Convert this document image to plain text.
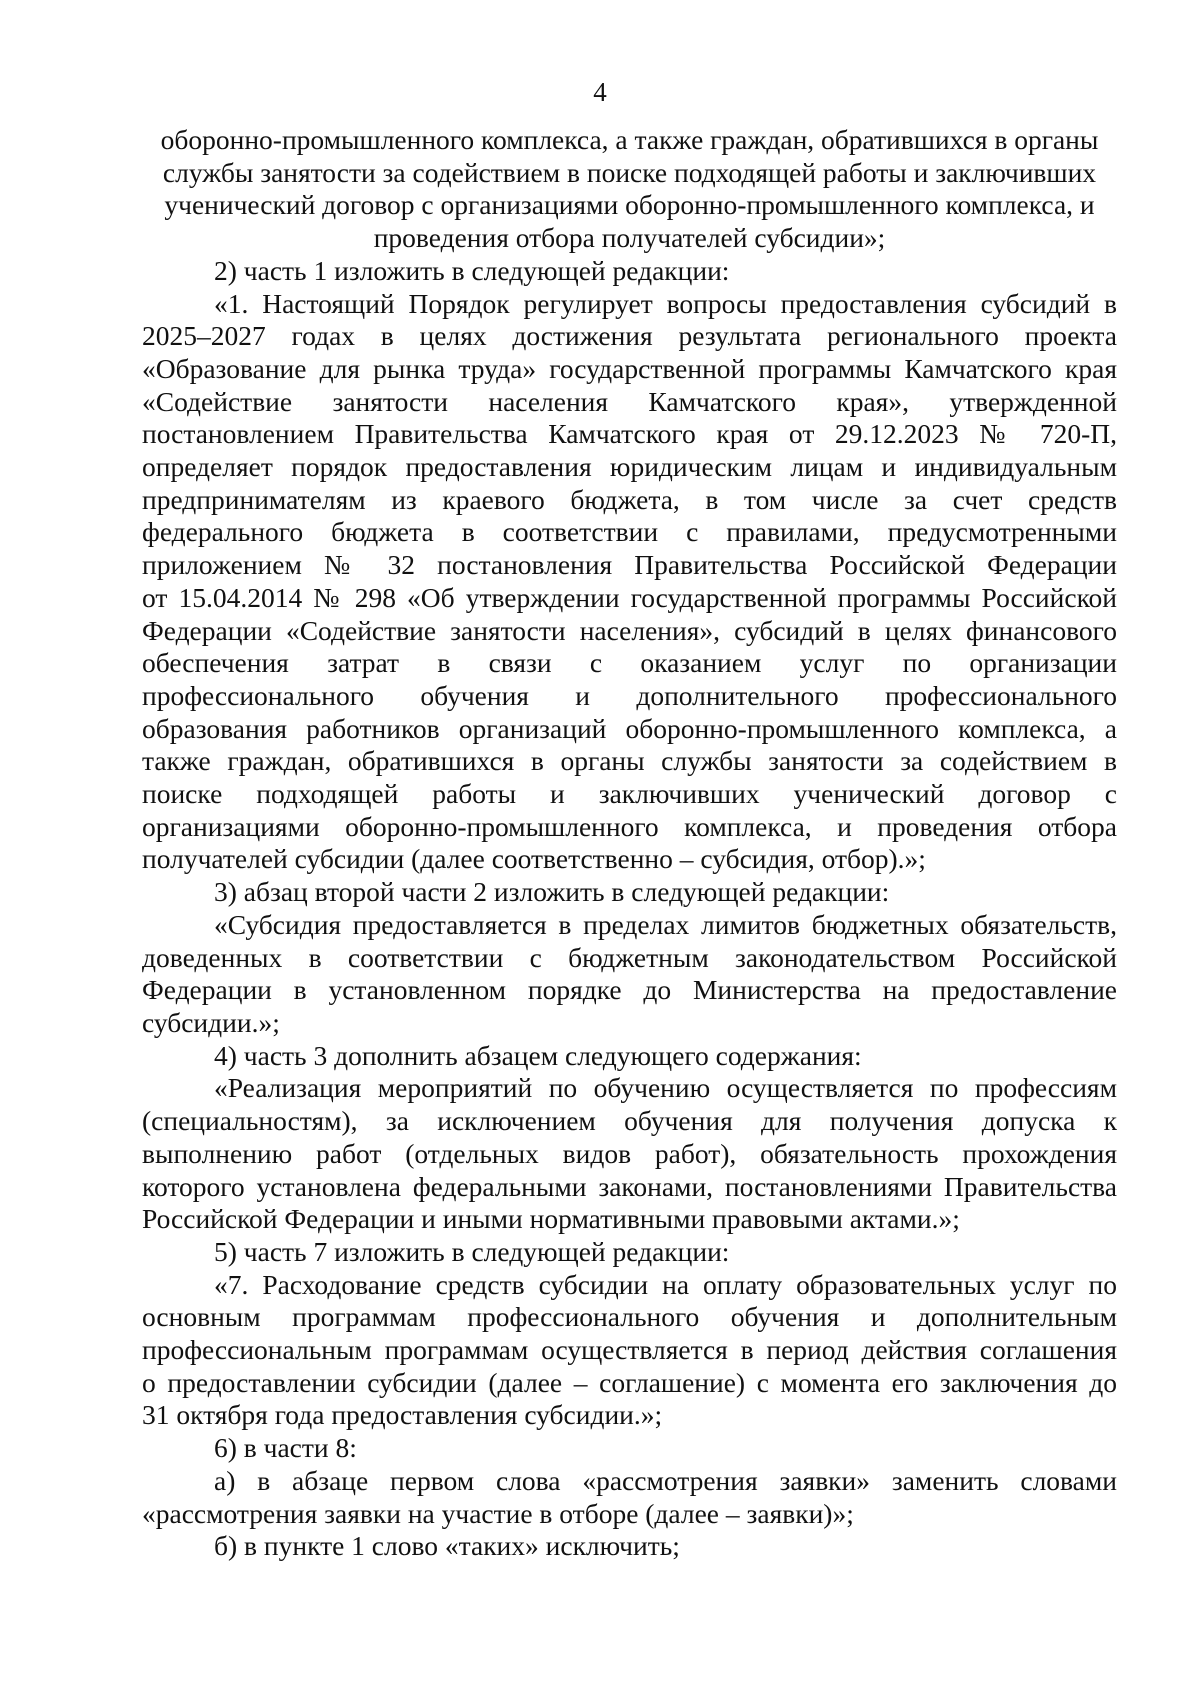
4
оборонно-промышленного комплекса, а также граждан, обратившихся в органы
службы занятости за содействием в поиске подходящей работы и заключивших
ученический договор с организациями оборонно-промышленного комплекса, и
проведения отбора получателей субсидии»;
2) часть 1 изложить в следующей редакции:
«1. Настоящий Порядок регулирует вопросы предоставления субсидий в
2025–2027 годах в целях достижения результата регионального проекта
«Образование для рынка труда» государственной программы Камчатского края
«Содействие занятости населения Камчатского края», утвержденной
постановлением Правительства Камчатского края от 29.12.2023 № 720-П,
определяет порядок предоставления юридическим лицам и индивидуальным
предпринимателям из краевого бюджета, в том числе за счет средств
федерального бюджета в соответствии с правилами, предусмотренными
приложением № 32 постановления Правительства Российской Федерации
от 15.04.2014 № 298 «Об утверждении государственной программы Российской
Федерации «Содействие занятости населения», субсидий в целях финансового
обеспечения затрат в связи с оказанием услуг по организации
профессионального обучения и дополнительного профессионального
образования работников организаций оборонно-промышленного комплекса, а
также граждан, обратившихся в органы службы занятости за содействием в
поиске подходящей работы и заключивших ученический договор с
организациями оборонно-промышленного комплекса, и проведения отбора
получателей субсидии (далее соответственно – субсидия, отбор).»;
3) абзац второй части 2 изложить в следующей редакции:
«Субсидия предоставляется в пределах лимитов бюджетных обязательств,
доведенных в соответствии с бюджетным законодательством Российской
Федерации в установленном порядке до Министерства на предоставление
субсидии.»;
4) часть 3 дополнить абзацем следующего содержания:
«Реализация мероприятий по обучению осуществляется по профессиям
(специальностям), за исключением обучения для получения допуска к
выполнению работ (отдельных видов работ), обязательность прохождения
которого установлена федеральными законами, постановлениями Правительства
Российской Федерации и иными нормативными правовыми актами.»;
5) часть 7 изложить в следующей редакции:
«7. Расходование средств субсидии на оплату образовательных услуг по
основным программам профессионального обучения и дополнительным
профессиональным программам осуществляется в период действия соглашения
о предоставлении субсидии (далее – соглашение) с момента его заключения до
31 октября года предоставления субсидии.»;
6) в части 8:
а) в абзаце первом слова «рассмотрения заявки» заменить словами
«рассмотрения заявки на участие в отборе (далее – заявки)»;
б) в пункте 1 слово «таких» исключить;
